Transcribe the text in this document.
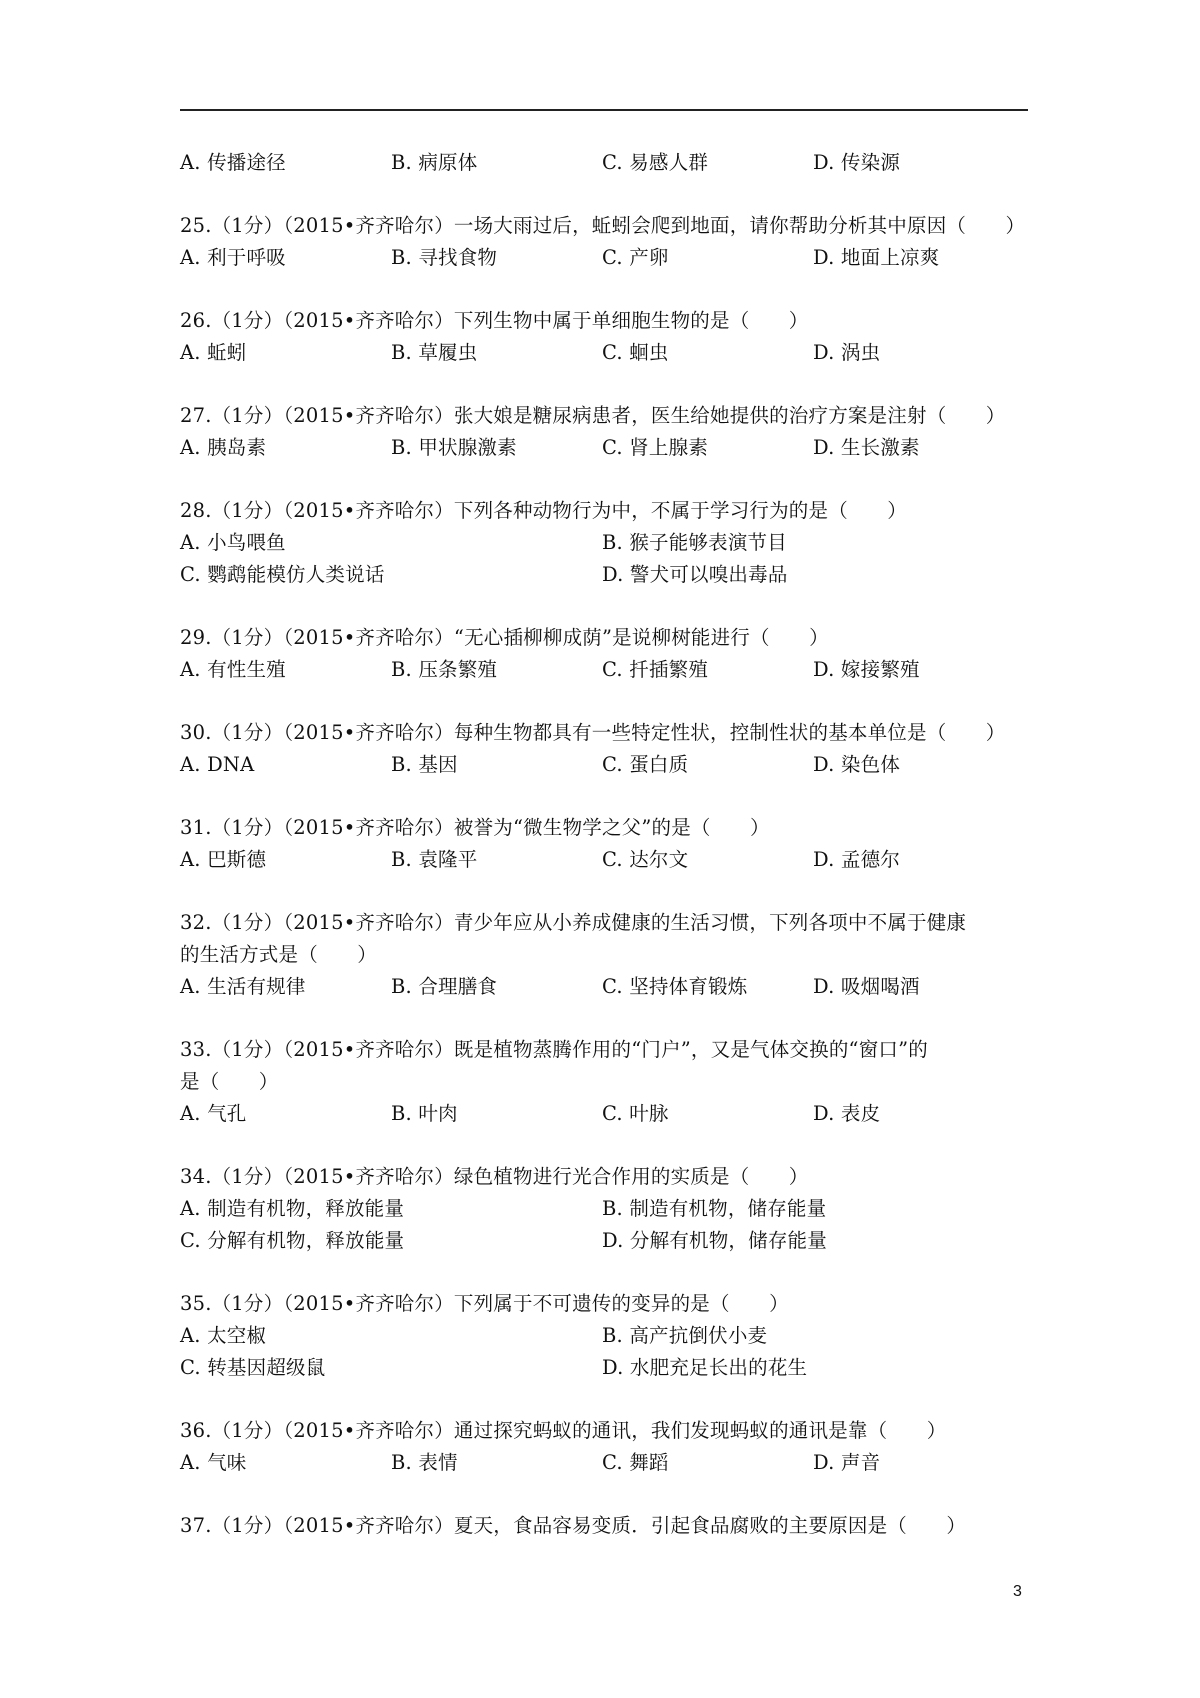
A. 传播途径	B. 病原体	C. 易感人群	D. 传染源
25.（1分）（2015•齐齐哈尔）一场大雨过后，蚯蚓会爬到地面，请你帮助分析其中原因（　　）
A. 利于呼吸	B. 寻找食物	C. 产卵	D. 地面上凉爽
26.（1分）（2015•齐齐哈尔）下列生物中属于单细胞生物的是（　　）
A. 蚯蚓	B. 草履虫	C. 蛔虫	D. 涡虫
27.（1分）（2015•齐齐哈尔）张大娘是糖尿病患者，医生给她提供的治疗方案是注射（　　）
A. 胰岛素	B. 甲状腺激素	C. 肾上腺素	D. 生长激素
28.（1分）（2015•齐齐哈尔）下列各种动物行为中，不属于学习行为的是（　　）
A. 小鸟喂鱼	B. 猴子能够表演节目
C. 鹦鹉能模仿人类说话	D. 警犬可以嗅出毒品
29.（1分）（2015•齐齐哈尔）“无心插柳柳成荫”是说柳树能进行（　　）
A. 有性生殖	B. 压条繁殖	C. 扦插繁殖	D. 嫁接繁殖
30.（1分）（2015•齐齐哈尔）每种生物都具有一些特定性状，控制性状的基本单位是（　　）
A. DNA	B. 基因	C. 蛋白质	D. 染色体
31.（1分）（2015•齐齐哈尔）被誉为“微生物学之父”的是（　　）
A. 巴斯德	B. 袁隆平	C. 达尔文	D. 孟德尔
32.（1分）（2015•齐齐哈尔）青少年应从小养成健康的生活习惯，下列各项中不属于健康
的生活方式是（　　）
A. 生活有规律	B. 合理膳食	C. 坚持体育锻炼	D. 吸烟喝酒
33.（1分）（2015•齐齐哈尔）既是植物蒸腾作用的“门户”，又是气体交换的“窗口”的
是（　　）
A. 气孔	B. 叶肉	C. 叶脉	D. 表皮
34.（1分）（2015•齐齐哈尔）绿色植物进行光合作用的实质是（　　）
A. 制造有机物，释放能量	B. 制造有机物，储存能量
C. 分解有机物，释放能量	D. 分解有机物，储存能量
35.（1分）（2015•齐齐哈尔）下列属于不可遗传的变异的是（　　）
A. 太空椒	B. 高产抗倒伏小麦
C. 转基因超级鼠	D. 水肥充足长出的花生
36.（1分）（2015•齐齐哈尔）通过探究蚂蚁的通讯，我们发现蚂蚁的通讯是靠（　　）
A. 气味	B. 表情	C. 舞蹈	D. 声音
37.（1分）（2015•齐齐哈尔）夏天，食品容易变质．引起食品腐败的主要原因是（　　）
3
